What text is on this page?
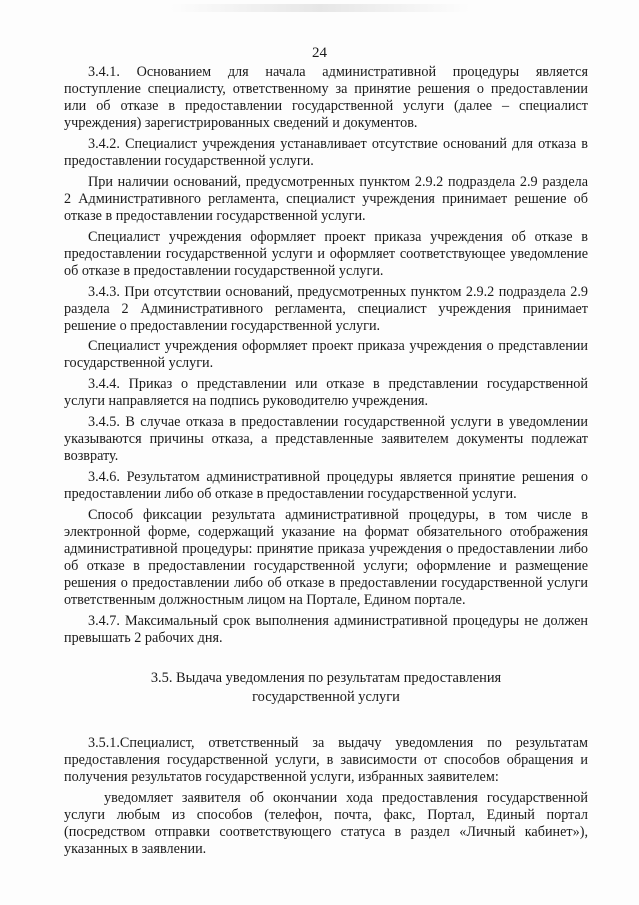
24

3.4.1. Основанием для начала административной процедуры является поступление специалисту, ответственному за принятие решения о предоставлении или об отказе в предоставлении государственной услуги (далее – специалист учреждения) зарегистрированных сведений и документов.

3.4.2. Специалист учреждения устанавливает отсутствие оснований для отказа в предоставлении государственной услуги.

При наличии оснований, предусмотренных пунктом 2.9.2 подраздела 2.9 раздела 2 Административного регламента, специалист учреждения принимает решение об отказе в предоставлении государственной услуги.

Специалист учреждения оформляет проект приказа учреждения об отказе в предоставлении государственной услуги и оформляет соответствующее уведомление об отказе в предоставлении государственной услуги.

3.4.3. При отсутствии оснований, предусмотренных пунктом 2.9.2 подраздела 2.9 раздела 2 Административного регламента, специалист учреждения принимает решение о предоставлении государственной услуги.

Специалист учреждения оформляет проект приказа учреждения о представлении государственной услуги.

3.4.4. Приказ о представлении или отказе в представлении государственной услуги направляется на подпись руководителю учреждения.

3.4.5. В случае отказа в предоставлении государственной услуги в уведомлении указываются причины отказа, а представленные заявителем документы подлежат возврату.

3.4.6. Результатом административной процедуры является принятие решения о предоставлении либо об отказе в предоставлении государственной услуги.

Способ фиксации результата административной процедуры, в том числе в электронной форме, содержащий указание на формат обязательного отображения административной процедуры: принятие приказа учреждения о предоставлении либо об отказе в предоставлении государственной услуги; оформление и размещение решения о предоставлении либо об отказе в предоставлении государственной услуги ответственным должностным лицом на Портале, Едином портале.

3.4.7. Максимальный срок выполнения административной процедуры не должен превышать 2 рабочих дня.

3.5. Выдача уведомления по результатам предоставления
государственной услуги

3.5.1.Специалист, ответственный за выдачу уведомления по результатам предоставления государственной услуги, в зависимости от способов обращения и получения результатов государственной услуги, избранных заявителем:

уведомляет заявителя об окончании хода предоставления государственной услуги любым из способов (телефон, почта, факс, Портал, Единый портал (посредством отправки соответствующего статуса в раздел «Личный кабинет»), указанных в заявлении.
